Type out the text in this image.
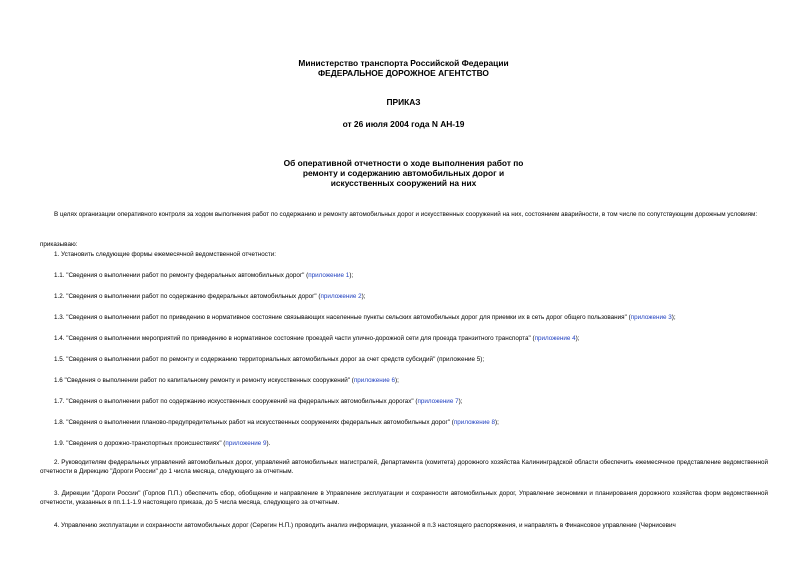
Министерство транспорта Российской Федерации
ФЕДЕРАЛЬНОЕ ДОРОЖНОЕ АГЕНТСТВО
ПРИКАЗ
от 26 июля 2004 года N АН-19
Об оперативной отчетности о ходе выполнения работ по
ремонту и содержанию автомобильных дорог и
искусственных сооружений на них
В целях организации оперативного контроля за ходом выполнения работ по содержанию и ремонту автомобильных дорог и искусственных сооружений на них, состоянием аварийности, в том числе по сопутствующим дорожным условиям:
приказываю:
1. Установить следующие формы ежемесячной ведомственной отчетности:
1.1. "Сведения о выполнении работ по ремонту федеральных автомобильных дорог" (приложение 1);
1.2. "Сведения о выполнении работ по содержанию федеральных автомобильных дорог" (приложение 2);
1.3. "Сведения о выполнении работ по приведению в нормативное состояние связывающих населенные пункты сельских автомобильных дорог для приемки их в сеть дорог общего пользования" (приложение 3);
1.4. "Сведения о выполнении мероприятий по приведению в нормативное состояние проездей части улично-дорожной сети для проезда транзитного транспорта" (приложение 4);
1.5. "Сведения о выполнении работ по ремонту и содержанию территориальных автомобильных дорог за счет средств субсидий" (приложение 5);
1.6 "Сведения о выполнении работ по капитальному ремонту и ремонту искусственных сооружений" (приложение 6);
1.7. "Сведения о выполнении работ по содержанию искусственных сооружений на федеральных автомобильных дорогах" (приложение 7);
1.8. "Сведения о выполнении планово-предупредительных работ на искусственных сооружениях федеральных автомобильных дорог" (приложение 8);
1.9. "Сведения о дорожно-транспортных происшествиях" (приложение 9).
2. Руководителям федеральных управлений автомобильных дорог, управлений автомобильных магистралей, Департамента (комитета) дорожного хозяйства Калининградской области обеспечить ежемесячное представление ведомственной отчетности в Дирекцию "Дороги России" до 1 числа месяца, следующего за отчетным.
3. Дирекции "Дороги России" (Горлов П.П.) обеспечить сбор, обобщение и направление в Управление эксплуатации и сохранности автомобильных дорог, Управление экономики и планирования дорожного хозяйства форм ведомственной отчетности, указанных в пп.1.1-1.9 настоящего приказа, до 5 числа месяца, следующего за отчетным.
4. Управлению эксплуатации и сохранности автомобильных дорог (Серегин Н.П.) проводить анализ информации, указанной в п.3 настоящего распоряжения, и направлять в Финансовое управление (Чернисевич
